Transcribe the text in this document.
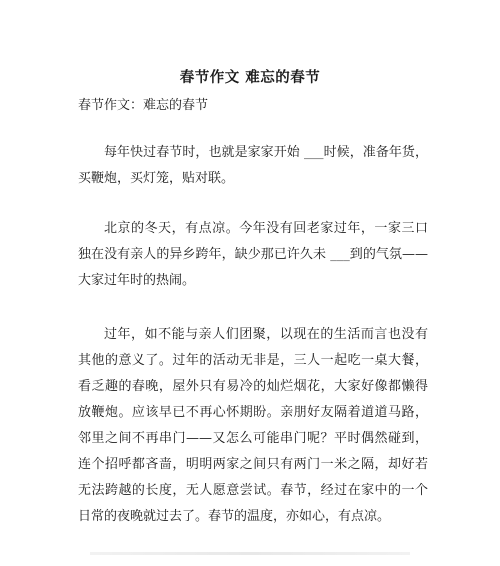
春节作文 难忘的春节
春节作文：难忘的春节

每年快过春节时，也就是家家开始 ___时候，准备年货，买鞭炮，买灯笼，贴对联。

北京的冬天，有点凉。今年没有回老家过年，一家三口独在没有亲人的异乡跨年，缺少那已许久未 ___到的气氛——大家过年时的热闹。

过年，如不能与亲人们团聚，以现在的生活而言也没有其他的意义了。过年的活动无非是，三人一起吃一桌大餐，看乏趣的春晚，屋外只有易冷的灿烂烟花，大家好像都懒得放鞭炮。应该早已不再心怀期盼。亲朋好友隔着道道马路，邻里之间不再串门——又怎么可能串门呢？平时偶然碰到，连个招呼都吝啬，明明两家之间只有两门一米之隔，却好若无法跨越的长度，无人愿意尝试。春节，经过在家中的一个日常的夜晚就过去了。春节的温度，亦如心，有点凉。
